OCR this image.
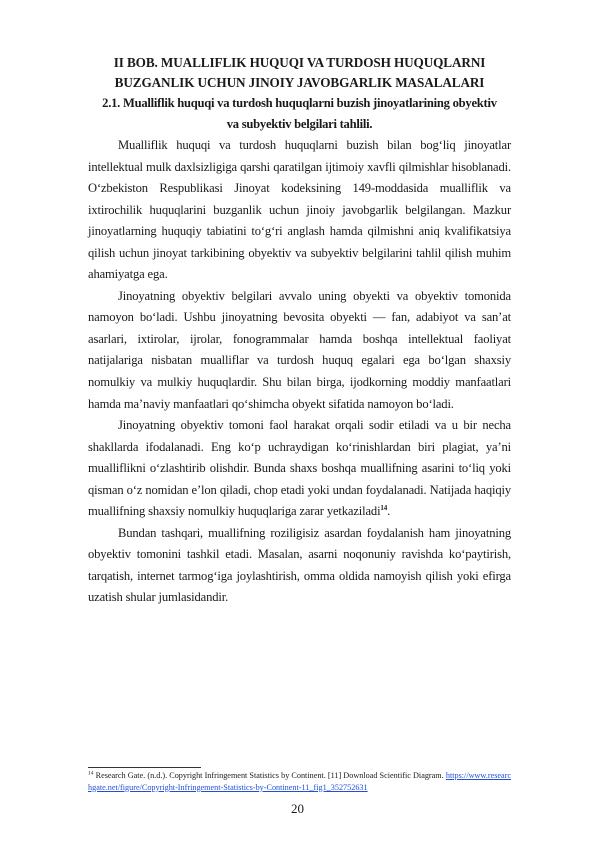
II BOB. MUALLIFLIK HUQUQI VA TURDOSH HUQUQLARNI
BUZGANLIK UCHUN JINOIY JAVOBGARLIK MASALALARI
2.1. Mualliflik huquqi va turdosh huquqlarni buzish jinoyatlarining obyektiv
va subyektiv belgilari tahlili.

Mualliflik huquqi va turdosh huquqlarni buzish bilan bog‘liq jinoyatlar intellektual mulk daxlsizligiga qarshi qaratilgan ijtimoiy xavfli qilmishlar hisoblanadi. O‘zbekiston Respublikasi Jinoyat kodeksining 149-moddasida mualliflik va ixtirochilik huquqlarini buzganlik uchun jinoiy javobgarlik belgilangan. Mazkur jinoyatlarning huquqiy tabiatini to‘g‘ri anglash hamda qilmishni aniq kvalifikatsiya qilish uchun jinoyat tarkibining obyektiv va subyektiv belgilarini tahlil qilish muhim ahamiyatga ega.

Jinoyatning obyektiv belgilari avvalo uning obyekti va obyektiv tomonida namoyon bo‘ladi. Ushbu jinoyatning bevosita obyekti — fan, adabiyot va san’at asarlari, ixtirolar, ijrolar, fonogrammalar hamda boshqa intellektual faoliyat natijalariga nisbatan mualliflar va turdosh huquq egalari ega bo‘lgan shaxsiy nomulkiy va mulkiy huquqlardir. Shu bilan birga, ijodkorning moddiy manfaatlari hamda ma’naviy manfaatlari qo‘shimcha obyekt sifatida namoyon bo‘ladi.

Jinoyatning obyektiv tomoni faol harakat orqali sodir etiladi va u bir necha shakllarda ifodalanadi. Eng ko‘p uchraydigan ko‘rinishlardan biri plagiat, ya’ni mualliflikni o‘zlashtirib olishdir. Bunda shaxs boshqa muallifning asarini to‘liq yoki qisman o‘z nomidan e’lon qiladi, chop etadi yoki undan foydalanadi. Natijada haqiqiy muallifning shaxsiy nomulkiy huquqlariga zarar yetkaziladi$^{14}$.

Bundan tashqari, muallifning roziligisiz asardan foydalanish ham jinoyatning obyektiv tomonini tashkil etadi. Masalan, asarni noqonuniy ravishda ko‘paytirish, tarqatish, internet tarmog‘iga joylashtirish, omma oldida namoyish qilish yoki efirga uzatish shular jumlasidandir.

$^{14}$ Research Gate. (n.d.). Copyright Infringement Statistics by Continent. [11] Download Scientific Diagram. https://www.researchgate.net/figure/Copyright-Infringement-Statistics-by-Continent-11_fig1_352752631
20
